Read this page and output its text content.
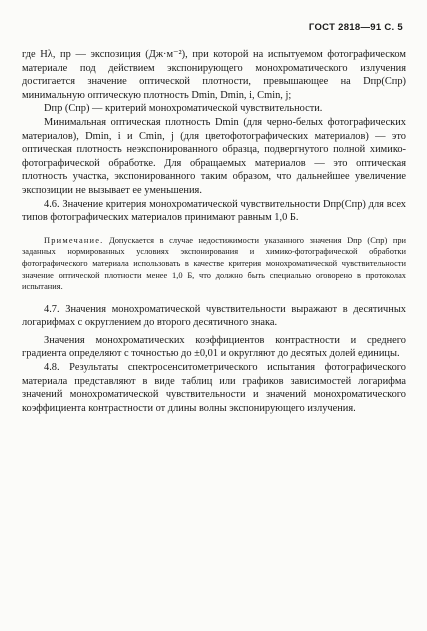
ГОСТ 2818—91 С. 5

где Hλ, пр — экспозиция (Дж·м⁻²), при которой на испытуемом фотографическом материале под действием экспонирующего монохроматического излучения достигается значение оптической плотности, превышающее на Dпр(Cпр) минимальную оптическую плотность Dmin, Dmin, i, Cmin, j;

Dпр (Cпр) — критерий монохроматической чувствительности.

Минимальная оптическая плотность Dmin (для черно-белых фотографических материалов), Dmin, i и Cmin, j (для цветофотографических материалов) — это оптическая плотность неэкспонированного образца, подвергнутого полной химико-фотографической обработке. Для обращаемых материалов — это оптическая плотность участка, экспонированного таким образом, что дальнейшее увеличение экспозиции не вызывает ее уменьшения.

4.6. Значение критерия монохроматической чувствительности Dпр(Cпр) для всех типов фотографических материалов принимают равным 1,0 Б.

Примечание. Допускается в случае недостижимости указанного значения Dпр (Cпр) при заданных нормированных условиях экспонирования и химико-фотографической обработки фотографического материала использовать в качестве критерия монохроматической чувствительности значение оптической плотности менее 1,0 Б, что должно быть специально оговорено в протоколах испытания.

4.7. Значения монохроматической чувствительности выражают в десятичных логарифмах с округлением до второго десятичного знака.

Значения монохроматических коэффициентов контрастности и среднего градиента определяют с точностью до ±0,01 и округляют до десятых долей единицы.

4.8. Результаты спектросенситометрического испытания фотографического материала представляют в виде таблиц или графиков зависимостей логарифма значений монохроматической чувствительности и значений монохроматического коэффициента контрастности от длины волны экспонирующего излучения.
